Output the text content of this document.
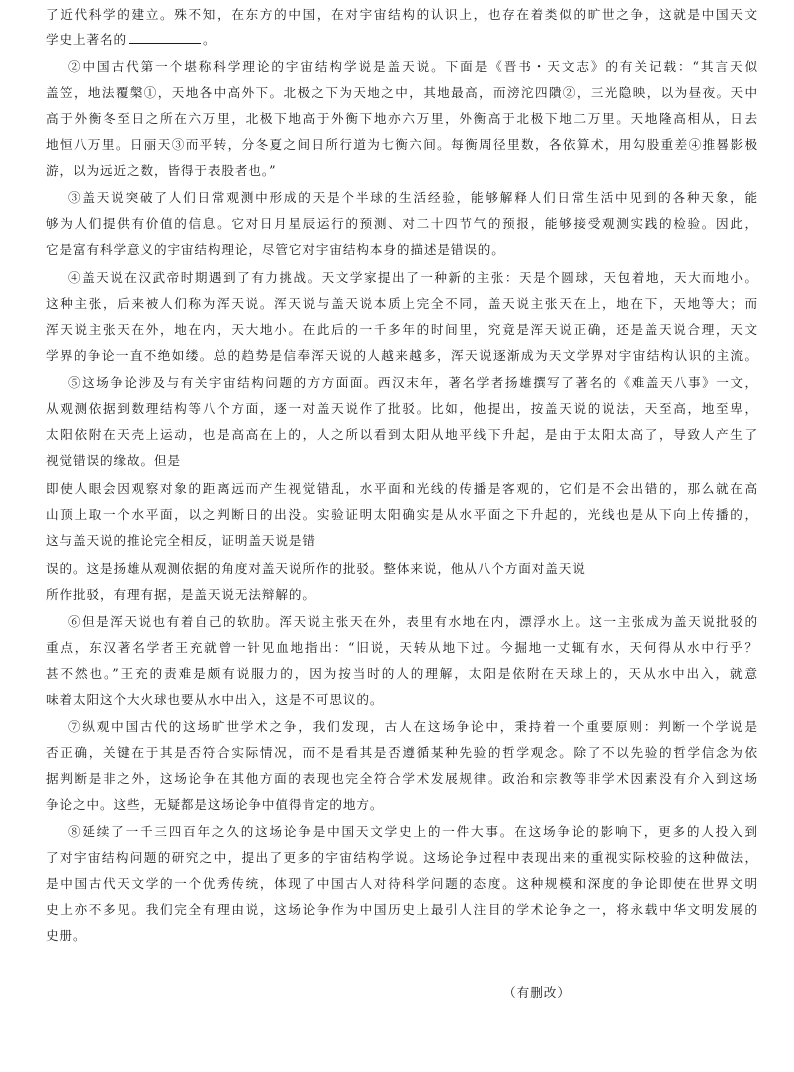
了近代科学的建立。殊不知，在东方的中国，在对宇宙结构的认识上，也存在着类似的旷世之争，这就是中国天文
学史上著名的	。
②中国古代第一个堪称科学理论的宇宙结构学说是盖天说。下面是《晋书・天文志》的有关记载：“其言天似
盖笠，地法覆槃①，天地各中高外下。北极之下为天地之中，其地最高，而滂沱四隤②，三光隐映，以为昼夜。天中
高于外衡冬至日之所在六万里，北极下地高于外衡下地亦六万里，外衡高于北极下地二万里。天地隆高相从，日去
地恒八万里。日丽天③而平转，分冬夏之间日所行道为七衡六间。每衡周径里数，各依算术，用勾股重差④推晷影极
游，以为远近之数，皆得于表股者也。”
③盖天说突破了人们日常观测中形成的天是个半球的生活经验，能够解释人们日常生活中见到的各种天象，能
够为人们提供有价值的信息。它对日月星辰运行的预测、对二十四节气的预报，能够接受观测实践的检验。因此，
它是富有科学意义的宇宙结构理论，尽管它对宇宙结构本身的描述是错误的。
④盖天说在汉武帝时期遇到了有力挑战。天文学家提出了一种新的主张：天是个圆球，天包着地，天大而地小。
这种主张，后来被人们称为浑天说。浑天说与盖天说本质上完全不同，盖天说主张天在上，地在下，天地等大；而
浑天说主张天在外，地在内，天大地小。在此后的一千多年的时间里，究竟是浑天说正确，还是盖天说合理，天文
学界的争论一直不绝如缕。总的趋势是信奉浑天说的人越来越多，浑天说逐渐成为天文学界对宇宙结构认识的主流。
⑤这场争论涉及与有关宇宙结构问题的方方面面。西汉末年，著名学者扬雄撰写了著名的《难盖天八事》一文，
从观测依据到数理结构等八个方面，逐一对盖天说作了批驳。比如，他提出，按盖天说的说法，天至高，地至卑，
太阳依附在天壳上运动，也是高高在上的，人之所以看到太阳从地平线下升起，是由于太阳太高了，导致人产生了
视觉错误的缘故。但是
即使人眼会因观察对象的距离远而产生视觉错乱，水平面和光线的传播是客观的，它们是不会出错的，那么就在高
山顶上取一个水平面，以之判断日的出没。实验证明太阳确实是从水平面之下升起的，光线也是从下向上传播的，
这与盖天说的推论完全相反，证明盖天说是错
误的。这是扬雄从观测依据的角度对盖天说所作的批驳。整体来说，他从八个方面对盖天说
所作批驳，有理有据，是盖天说无法辩解的。
⑥但是浑天说也有着自己的软肋。浑天说主张天在外，表里有水地在内，漂浮水上。这一主张成为盖天说批驳的
重点，东汉著名学者王充就曾一针见血地指出：“旧说，天转从地下过。今掘地一丈辄有水，天何得从水中行乎？
甚不然也。”王充的责难是颇有说服力的，因为按当时的人的理解，太阳是依附在天球上的，天从水中出入，就意
味着太阳这个大火球也要从水中出入，这是不可思议的。
⑦纵观中国古代的这场旷世学术之争，我们发现，古人在这场争论中，秉持着一个重要原则：判断一个学说是
否正确，关键在于其是否符合实际情况，而不是看其是否遵循某种先验的哲学观念。除了不以先验的哲学信念为依
据判断是非之外，这场论争在其他方面的表现也完全符合学术发展规律。政治和宗教等非学术因素没有介入到这场
争论之中。这些，无疑都是这场论争中值得肯定的地方。
⑧延续了一千三四百年之久的这场论争是中国天文学史上的一件大事。在这场争论的影响下，更多的人投入到
了对宇宙结构问题的研究之中，提出了更多的宇宙结构学说。这场论争过程中表现出来的重视实际校验的这种做法，
是中国古代天文学的一个优秀传统，体现了中国古人对待科学问题的态度。这种规模和深度的争论即使在世界文明
史上亦不多见。我们完全有理由说，这场论争作为中国历史上最引人注目的学术论争之一，将永载中华文明发展的
史册。
（有删改）
